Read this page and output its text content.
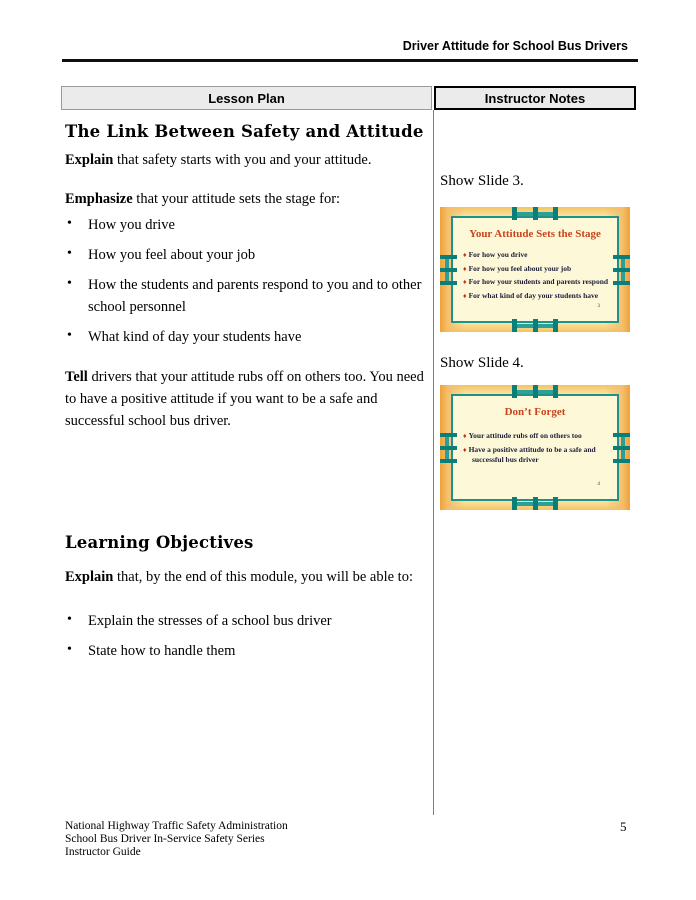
Driver Attitude for School Bus Drivers
Lesson Plan	Instructor Notes
The Link Between Safety and Attitude

Explain that safety starts with you and your attitude.

Emphasize that your attitude sets the stage for:

• How you drive
• How you feel about your job
• How the students and parents respond to you and to other school personnel
• What kind of day your students have

Tell drivers that your attitude rubs off on others too. You need to have a positive attitude if you want to be a safe and successful school bus driver.

Learning Objectives

Explain that, by the end of this module, you will be able to:

• Explain the stresses of a school bus driver
• State how to handle them

Show Slide 3.

Your Attitude Sets the Stage
♦ For how you drive
♦ For how you feel about your job
♦ For how your students and parents respond
♦ For what kind of day your students have
3

Show Slide 4.

Don’t Forget
♦ Your attitude rubs off on others too
♦ Have a positive attitude to be a safe and successful bus driver
4
National Highway Traffic Safety Administration
School Bus Driver In-Service Safety Series
Instructor Guide
5
